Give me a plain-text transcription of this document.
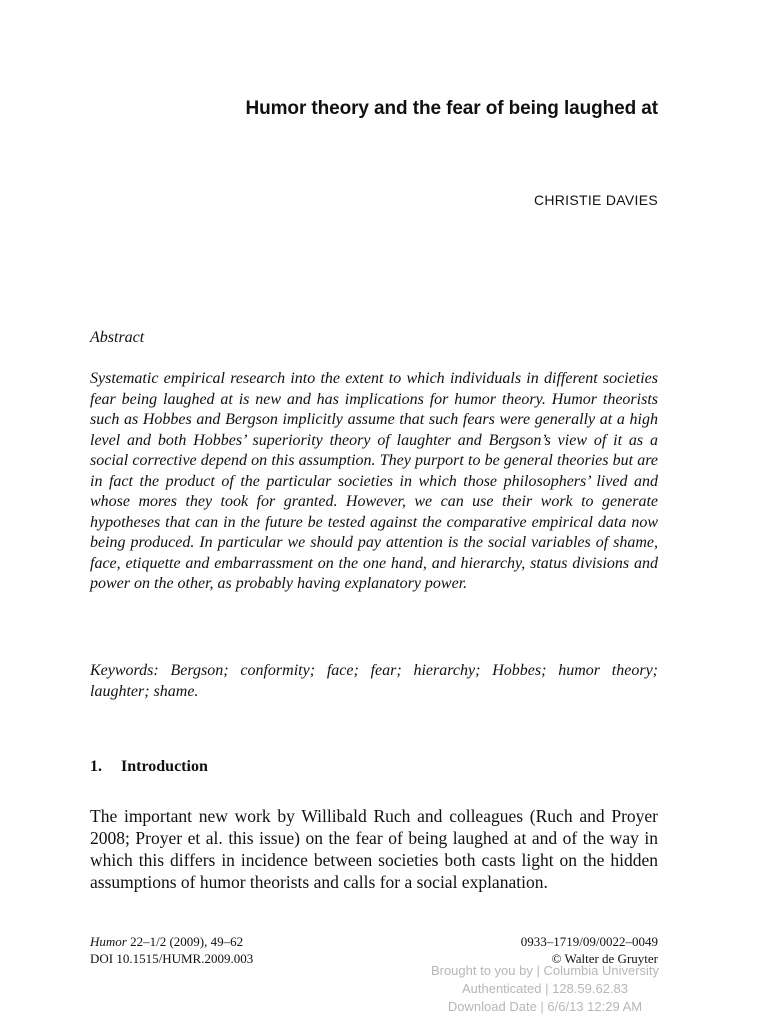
Humor theory and the fear of being laughed at
CHRISTIE DAVIES
Abstract
Systematic empirical research into the extent to which individuals in different societies fear being laughed at is new and has implications for humor theory. Humor theorists such as Hobbes and Bergson implicitly assume that such fears were generally at a high level and both Hobbes’ superiority theory of laughter and Bergson’s view of it as a social corrective depend on this assumption. They purport to be general theories but are in fact the product of the particular societies in which those philosophers’ lived and whose mores they took for granted. However, we can use their work to generate hypotheses that can in the future be tested against the comparative empirical data now being produced. In particular we should pay attention is the social variables of shame, face, etiquette and embarrassment on the one hand, and hierarchy, status divisions and power on the other, as probably having explanatory power.
Keywords: Bergson; conformity; face; fear; hierarchy; Hobbes; humor theory; laughter; shame.
1. Introduction
The important new work by Willibald Ruch and colleagues (Ruch and Proyer 2008; Proyer et al. this issue) on the fear of being laughed at and of the way in which this differs in incidence between societies both casts light on the hidden assumptions of humor theorists and calls for a social explanation.
Humor 22–1/2 (2009), 49–62
DOI 10.1515/HUMR.2009.003
0933–1719/09/0022–0049
© Walter de Gruyter
Brought to you by | Columbia University
Authenticated | 128.59.62.83
Download Date | 6/6/13 12:29 AM
